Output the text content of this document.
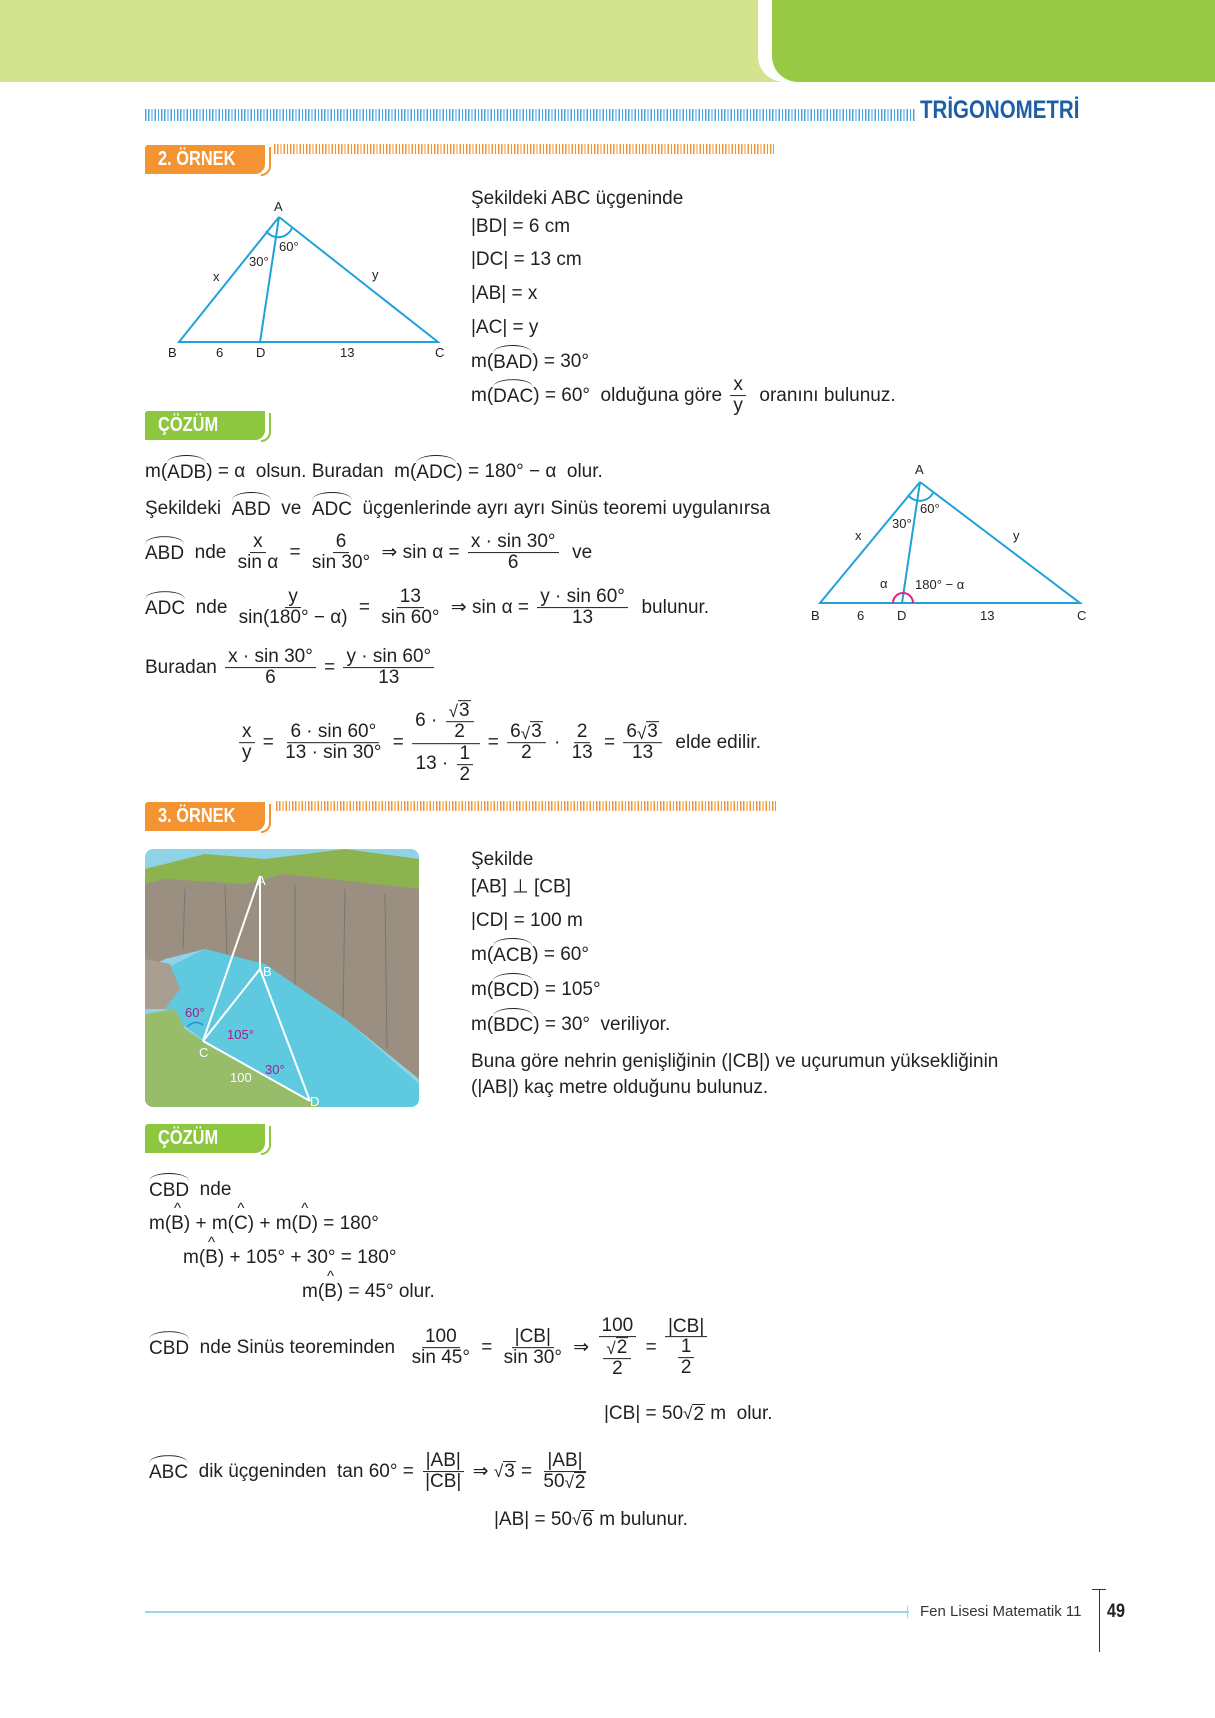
TRİGONOMETRİ
2. ÖRNEK
A
B	C
D
x	y
6	13
30°
60°
Şekildeki ABC üçgeninde
|BD| = 6 cm
|DC| = 13 cm
|AB| = x
|AC| = y
m( BAD ) = 30°
m( DAC ) = 60°  olduğuna göre $\frac{x}{y}$ oranını bulunuz.
ÇÖZÜM
m( ADB ) = α  olsun. Buradan  m( ADC ) = 180° − α  olur.
Şekildeki ABD ve ADC üçgenlerinde ayrı ayrı Sinüs teoremi uygulanırsa
ABD nde $\frac{x}{\text{sin α}} = \frac{6}{\sin 30^\circ}$ ⇒ $\sin \alpha = \frac{x \cdot \sin 30^\circ}{6}$ ve
ADC nde $\frac{y}{\sin(180^\circ - \alpha)} = \frac{13}{\sin 60^\circ}$ ⇒ $\sin \alpha = \frac{y \cdot \sin 60^\circ}{13}$ bulunur.
Buradan $\frac{x \cdot \sin 30^\circ}{6} = \frac{y \cdot \sin 60^\circ}{13}$
$\frac{x}{y} = \frac{6 \cdot \sin 60^\circ}{13 \cdot \sin 30^\circ} = \frac{6 \cdot \frac{√ 3}{2}}{13 \cdot \frac{1}{2}} = \frac{6 √ 3}{2} \cdot \frac{2}{13} = \frac{6 √ 3}{13}$ elde edilir.
A
B	C
D
x	y
6	13
30°
60°
α 180° − α
3. ÖRNEK
A
B
C
D
60°
105°
30°
100
Şekilde
[AB] ⊥ [CB]
|CD| = 100 m
m( ACB ) = 60°
m( BCD ) = 105°
m( BDC ) = 30°  veriliyor.
Buna göre nehrin genişliğinin (|CB|) ve uçurumun yüksekliğinin
(|AB|) kaç metre olduğunu bulunuz.
ÇÖZÜM
CBD nde
m( ^ B ) + m( ^ C ) + m( ^ D ) = 180°
m( ^ B ) + 105° + 30° = 180°
m( ^ B ) = 45° olur.
CBD nde Sinüs teoreminden $\frac{100}{\sin 45^\circ} = \frac{|CB|}{\sin 30^\circ}$ ⇒ $\frac{100}{\frac{√ 2}{2}} = \frac{|CB|}{\frac{1}{2}}$
|CB| = 50 √ 2 m  olur.
ABC dik üçgeninden  $\tan 60^\circ = \frac{|AB|}{|CB|}$ ⇒ √ $3 = \frac{|AB|}{50 √ 2}$
|AB| = 50 √ 6 m bulunur.
Fen Lisesi Matematik 11 49
